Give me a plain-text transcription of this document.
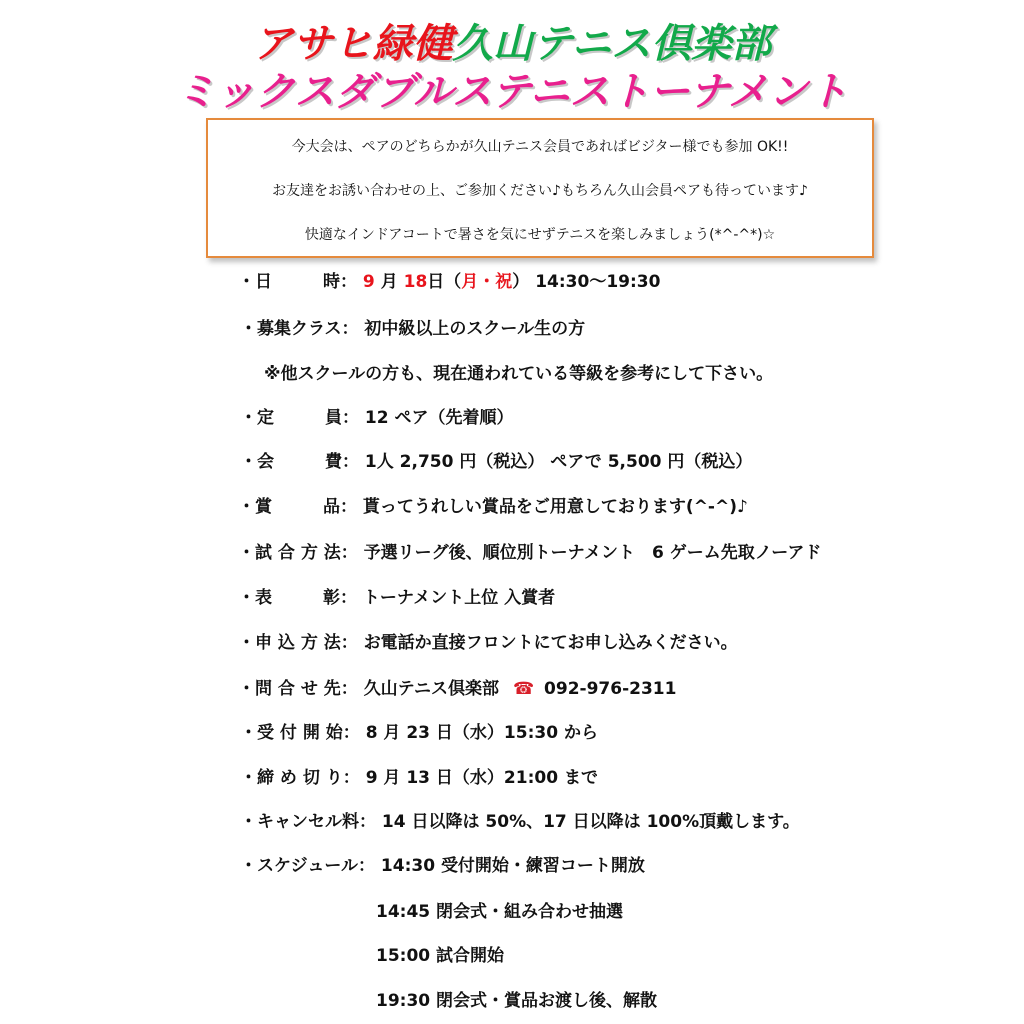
アサヒ緑健久山テニス倶楽部
ミックスダブルステニストーナメント

今大会は、ペアのどちらかが久山テニス会員であればビジター様でも参加 OK!!

お友達をお誘い合わせの上、ご参加ください♪もちろん久山会員ペアも待っています♪

快適なインドアコートで暑さを気にせずテニスを楽しみましょう(*^-^*)☆

・日　　　時： 9 月 18日（月・祝） 14:30〜19:30
・募集クラス： 初中級以上のスクール生の方
※他スクールの方も、現在通われている等級を参考にして下さい。
・定　　　員： 12 ペア（先着順）
・会　　　費： 1人 2,750 円（税込） ペアで 5,500 円（税込）
・賞　　　品： 貰ってうれしい賞品をご用意しております(^-^)♪
・試 合 方 法： 予選リーグ後、順位別トーナメント　6 ゲーム先取ノーアド
・表　　　彰： トーナメント上位 入賞者
・申 込 方 法： お電話か直接フロントにてお申し込みください。
・問 合 せ 先： 久山テニス倶楽部 ☎ 092-976-2311
・受 付 開 始： 8 月 23 日（水）15:30 から
・締 め 切 り： 9 月 13 日（水）21:00 まで
・キャンセル料： 14 日以降は 50%、17 日以降は 100%頂戴します。
・スケジュール： 14:30 受付開始・練習コート開放
14:45 閉会式・組み合わせ抽選
15:00 試合開始
19:30 閉会式・賞品お渡し後、解散
